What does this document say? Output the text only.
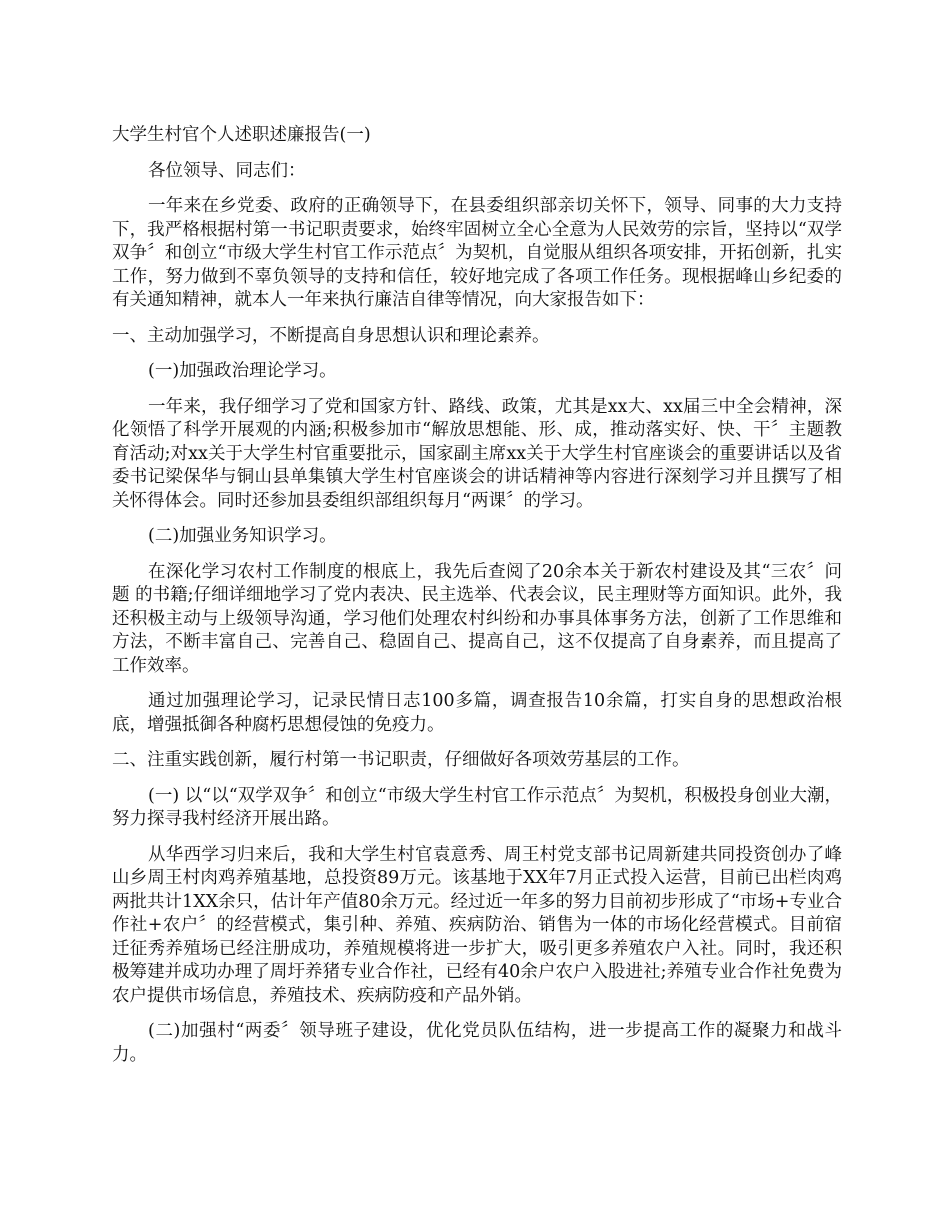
大学生村官个人述职述廉报告(一)

各位领导、同志们：

一年来在乡党委、政府的正确领导下，在县委组织部亲切关怀下，领导、同事的大力支持下，我严格根据村第一书记职责要求，始终牢固树立全心全意为人民效劳的宗旨，坚持以“双学双争〞和创立“市级大学生村官工作示范点〞为契机，自觉服从组织各项安排，开拓创新，扎实工作，努力做到不辜负领导的支持和信任，较好地完成了各项工作任务。现根据峰山乡纪委的有关通知精神，就本人一年来执行廉洁自律等情况，向大家报告如下：

一、主动加强学习，不断提高自身思想认识和理论素养。

(一)加强政治理论学习。

一年来，我仔细学习了党和国家方针、路线、政策，尤其是xx大、xx届三中全会精神，深化领悟了科学开展观的内涵;积极参加市“解放思想能、形、成，推动落实好、快、干〞主题教育活动;对xx关于大学生村官重要批示，国家副主席xx关于大学生村官座谈会的重要讲话以及省委书记梁保华与铜山县单集镇大学生村官座谈会的讲话精神等内容进行深刻学习并且撰写了相关怀得体会。同时还参加县委组织部组织每月“两课〞的学习。

(二)加强业务知识学习。

在深化学习农村工作制度的根底上，我先后查阅了20余本关于新农村建设及其“三农〞问题 的书籍;仔细详细地学习了党内表决、民主选举、代表会议，民主理财等方面知识。此外，我还积极主动与上级领导沟通，学习他们处理农村纠纷和办事具体事务方法，创新了工作思维和方法，不断丰富自己、完善自己、稳固自己、提高自己，这不仅提高了自身素养，而且提高了工作效率。

通过加强理论学习，记录民情日志100多篇，调查报告10余篇，打实自身的思想政治根底，增强抵御各种腐朽思想侵蚀的免疫力。

二、注重实践创新，履行村第一书记职责，仔细做好各项效劳基层的工作。

(一) 以“以“双学双争〞和创立“市级大学生村官工作示范点〞为契机，积极投身创业大潮，努力探寻我村经济开展出路。

从华西学习归来后，我和大学生村官袁意秀、周王村党支部书记周新建共同投资创办了峰山乡周王村肉鸡养殖基地，总投资89万元。该基地于XX年7月正式投入运营，目前已出栏肉鸡两批共计1XX余只，估计年产值80余万元。经过近一年多的努力目前初步形成了“市场+专业合作社+农户〞的经营模式，集引种、养殖、疾病防治、销售为一体的市场化经营模式。目前宿迁征秀养殖场已经注册成功，养殖规模将进一步扩大，吸引更多养殖农户入社。同时，我还积极筹建并成功办理了周圩养猪专业合作社，已经有40余户农户入股进社;养殖专业合作社免费为农户提供市场信息，养殖技术、疾病防疫和产品外销。

(二)加强村“两委〞领导班子建设，优化党员队伍结构，进一步提高工作的凝聚力和战斗力。
